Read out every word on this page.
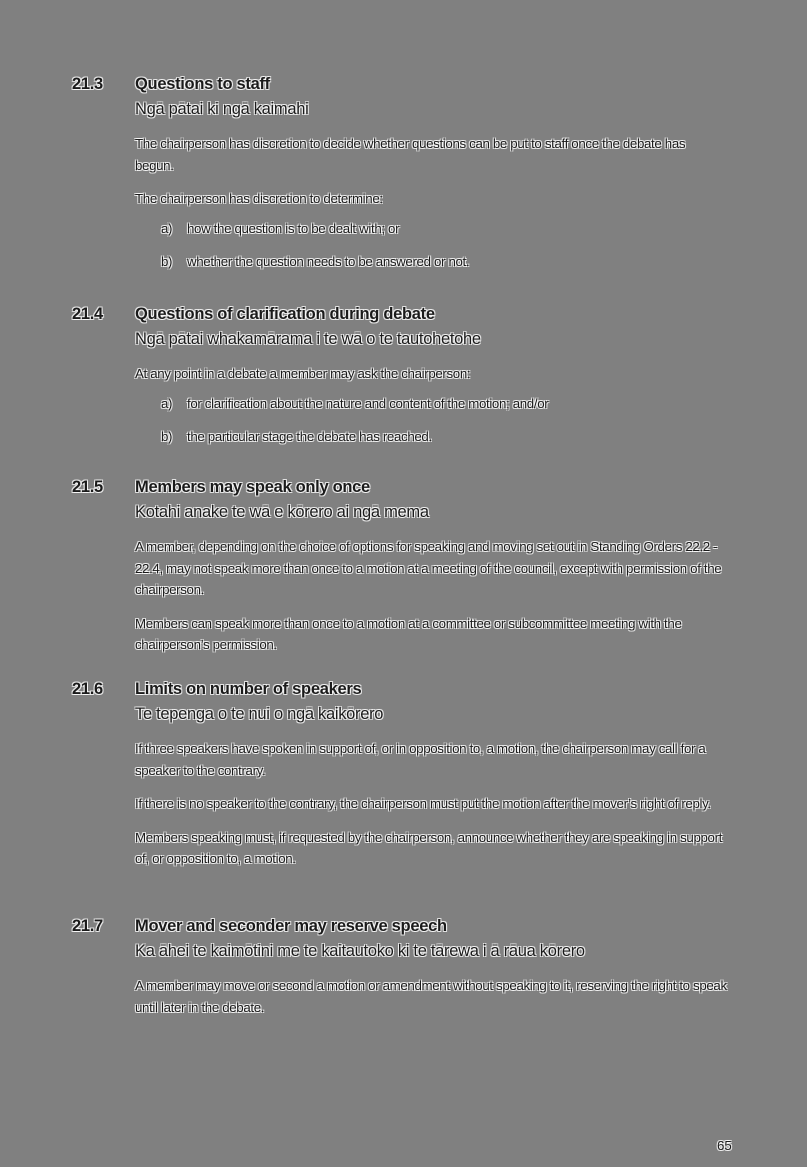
21.3	Questions to staff
Ngā pātai ki ngā kaimahi
The chairperson has discretion to decide whether questions can be put to staff once the debate has begun.
The chairperson has discretion to determine:
a)	how the question is to be dealt with; or
b)	whether the question needs to be answered or not.
21.4	Questions of clarification during debate
Ngā pātai whakamārama i te wā o te tautohetohe
At any point in a debate a member may ask the chairperson:
a)	for clarification about the nature and content of the motion; and/or
b)	the particular stage the debate has reached.
21.5	Members may speak only once
Kotahi anake te wā e kōrero ai ngā mema
A member, depending on the choice of options for speaking and moving set out in Standing Orders 22.2 - 22.4, may not speak more than once to a motion at a meeting of the council, except with permission of the chairperson.
Members can speak more than once to a motion at a committee or subcommittee meeting with the chairperson’s permission.
21.6	Limits on number of speakers
Te tepenga o te nui o ngā kaikōrero
If three speakers have spoken in support of, or in opposition to, a motion, the chairperson may call for a speaker to the contrary.
If there is no speaker to the contrary, the chairperson must put the motion after the mover’s right of reply.
Members speaking must, if requested by the chairperson, announce whether they are speaking in support of, or opposition to, a motion.
21.7	Mover and seconder may reserve speech
Ka āhei te kaimōtini me te kaitautoko ki te tārewa i ā rāua kōrero
A member may move or second a motion or amendment without speaking to it, reserving the right to speak until later in the debate.
65
